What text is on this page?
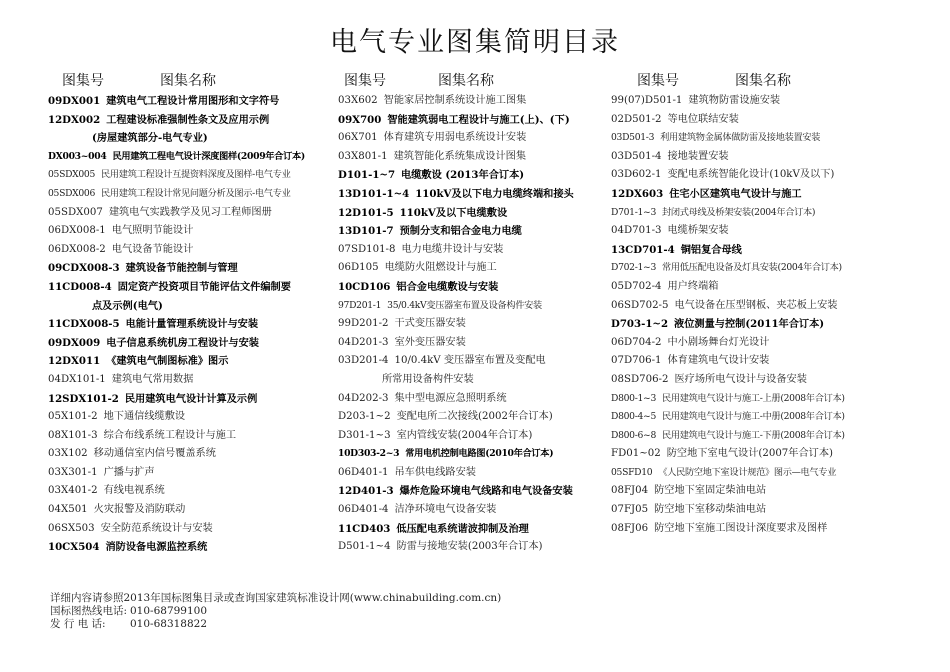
电气专业图集简明目录
图集号	图集名称
09DX001 建筑电气工程设计常用图形和文字符号
12DX002 工程建设标准强制性条文及应用示例
(房屋建筑部分-电气专业)
DX003~004 民用建筑工程电气设计深度图样(2009年合订本)
05SDX005 民用建筑工程设计互提资料深度及图样-电气专业
05SDX006 民用建筑工程设计常见问题分析及图示-电气专业
05SDX007 建筑电气实践教学及见习工程师图册
06DX008-1 电气照明节能设计
06DX008-2 电气设备节能设计
09CDX008-3 建筑设备节能控制与管理
11CD008-4 固定资产投资项目节能评估文件编制要
点及示例(电气)
11CDX008-5 电能计量管理系统设计与安装
09DX009 电子信息系统机房工程设计与安装
12DX011 《建筑电气制图标准》图示
04DX101-1 建筑电气常用数据
12SDX101-2 民用建筑电气设计计算及示例
05X101-2 地下通信线缆敷设
08X101-3 综合布线系统工程设计与施工
03X102 移动通信室内信号覆盖系统
03X301-1 广播与扩声
03X401-2 有线电视系统
04X501 火灾报警及消防联动
06SX503 安全防范系统设计与安装
10CX504 消防设备电源监控系统
图集号	图集名称
03X602 智能家居控制系统设计施工图集
09X700 智能建筑弱电工程设计与施工(上)、(下)
06X701 体育建筑专用弱电系统设计安装
03X801-1 建筑智能化系统集成设计图集
D101-1~7 电缆敷设 (2013年合订本)
13D101-1~4 110kV及以下电力电缆终端和接头
12D101-5 110kV及以下电缆敷设
13D101-7 预制分支和铝合金电力电缆
07SD101-8 电力电缆井设计与安装
06D105 电缆防火阻燃设计与施工
10CD106 铝合金电缆敷设与安装
97D201-1 35/0.4kV变压器室布置及设备构件安装
99D201-2 干式变压器安装
04D201-3 室外变压器安装
03D201-4 10/0.4kV 变压器室布置及变配电
所常用设备构件安装
04D202-3 集中型电源应急照明系统
D203-1~2 变配电所二次接线(2002年合订本)
D301-1~3 室内管线安装(2004年合订本)
10D303-2~3 常用电机控制电路图(2010年合订本)
06D401-1 吊车供电线路安装
12D401-3 爆炸危险环境电气线路和电气设备安装
06D401-4 洁净环境电气设备安装
11CD403 低压配电系统谐波抑制及治理
D501-1~4 防雷与接地安装(2003年合订本)
图集号	图集名称
99(07)D501-1 建筑物防雷设施安装
02D501-2 等电位联结安装
03D501-3 利用建筑物金属体做防雷及接地装置安装
03D501-4 接地装置安装
03D602-1 变配电系统智能化设计(10kV及以下)
12DX603 住宅小区建筑电气设计与施工
D701-1~3 封闭式母线及桥架安装(2004年合订本)
04D701-3 电缆桥架安装
13CD701-4 铜铝复合母线
D702-1~3 常用低压配电设备及灯具安装(2004年合订本)
05D702-4 用户终端箱
06SD702-5 电气设备在压型钢板、夹芯板上安装
D703-1~2 液位测量与控制(2011年合订本)
06D704-2 中小剧场舞台灯光设计
07D706-1 体育建筑电气设计安装
08SD706-2 医疗场所电气设计与设备安装
D800-1~3 民用建筑电气设计与施工-上册(2008年合订本)
D800-4~5 民用建筑电气设计与施工-中册(2008年合订本)
D800-6~8 民用建筑电气设计与施工-下册(2008年合订本)
FD01~02 防空地下室电气设计(2007年合订本)
05SFD10 《人民防空地下室设计规范》图示—电气专业
08FJ04 防空地下室固定柴油电站
07FJ05 防空地下室移动柴油电站
08FJ06 防空地下室施工图设计深度要求及图样
详细内容请参照2013年国标图集目录或查询国家建筑标准设计网(www.chinabuilding.com.cn)
国标图热线电话: 010-68799100
发 行 电 话: 010-68318822
